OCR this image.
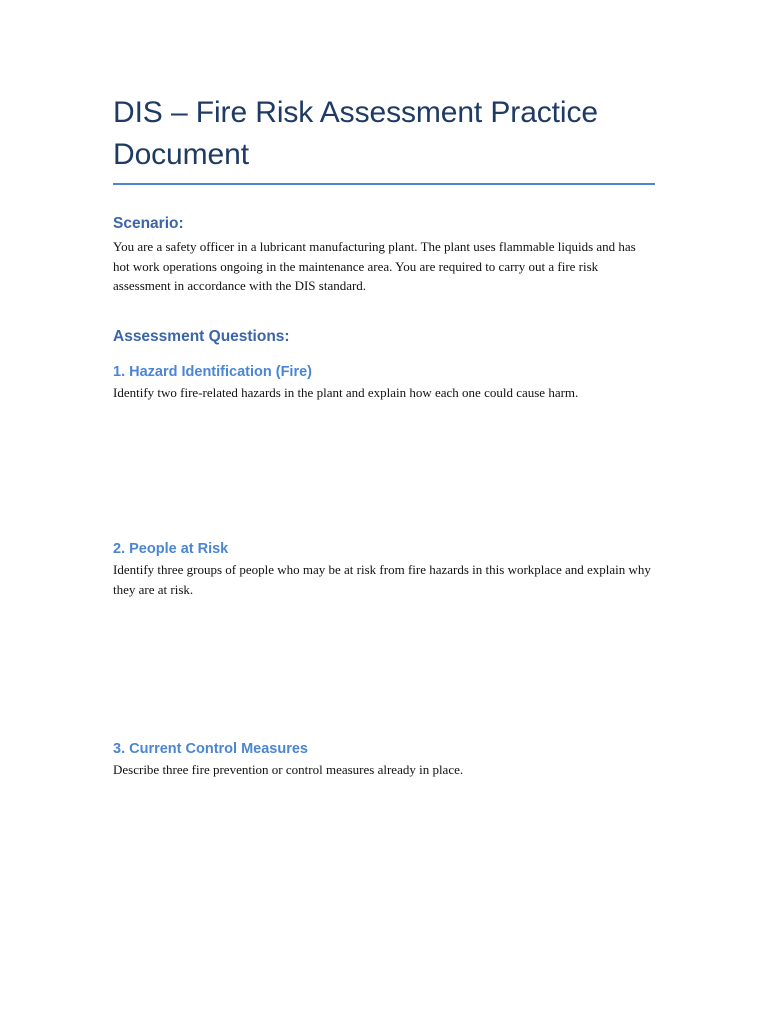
DIS – Fire Risk Assessment Practice Document
Scenario:

You are a safety officer in a lubricant manufacturing plant. The plant uses flammable liquids and has hot work operations ongoing in the maintenance area. You are required to carry out a fire risk assessment in accordance with the DIS standard.

Assessment Questions:
1. Hazard Identification (Fire)

Identify two fire-related hazards in the plant and explain how each one could cause harm.

2. People at Risk

Identify three groups of people who may be at risk from fire hazards in this workplace and explain why they are at risk.

3. Current Control Measures

Describe three fire prevention or control measures already in place.
